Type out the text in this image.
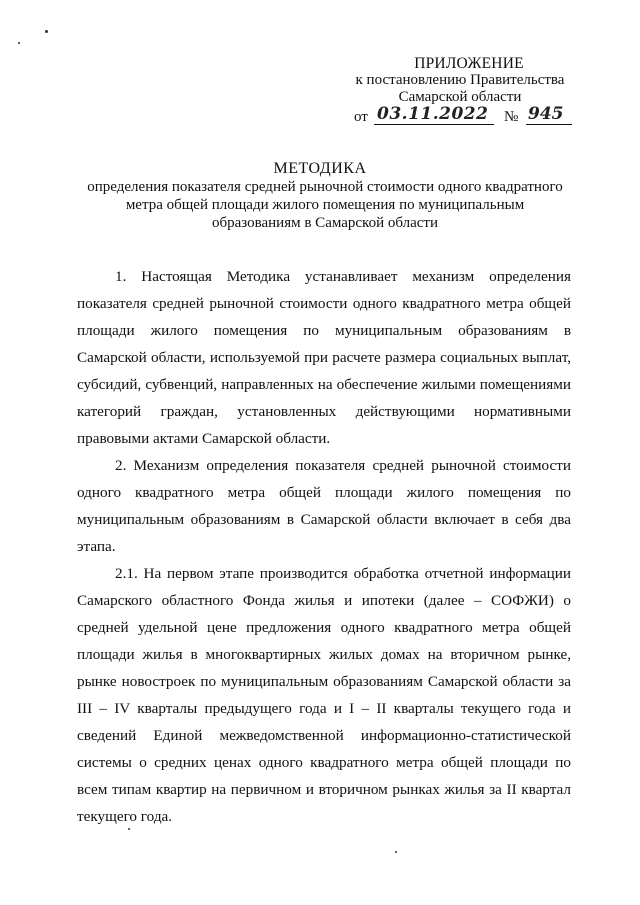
ПРИЛОЖЕНИЕ
к постановлению Правительства
Самарской области
от 03.11.2022	№ 945
МЕТОДИКА
определения показателя средней рыночной стоимости одного квадратного метра общей площади жилого помещения по муниципальным образованиям в Самарской области

1. Настоящая Методика устанавливает механизм определения показателя средней рыночной стоимости одного квадратного метра общей площади жилого помещения по муниципальным образованиям в Самарской области, используемой при расчете размера социальных выплат, субсидий, субвенций, направленных на обеспечение жилыми помещениями категорий граждан, установленных действующими нормативными правовыми актами Самарской области.

2. Механизм определения показателя средней рыночной стоимости одного квадратного метра общей площади жилого помещения по муниципальным образованиям в Самарской области включает в себя два этапа.

2.1. На первом этапе производится обработка отчетной информации Самарского областного Фонда жилья и ипотеки (далее – СОФЖИ) о средней удельной цене предложения одного квадратного метра общей площади жилья в многоквартирных жилых домах на вторичном рынке, рынке новостроек по муниципальным образованиям Самарской области за III – IV кварталы предыдущего года и I – II кварталы текущего года и сведений Единой межведомственной информационно-статистической системы о средних ценах одного квадратного метра общей площади по всем типам квартир на первичном и вторичном рынках жилья за II квартал текущего года.
